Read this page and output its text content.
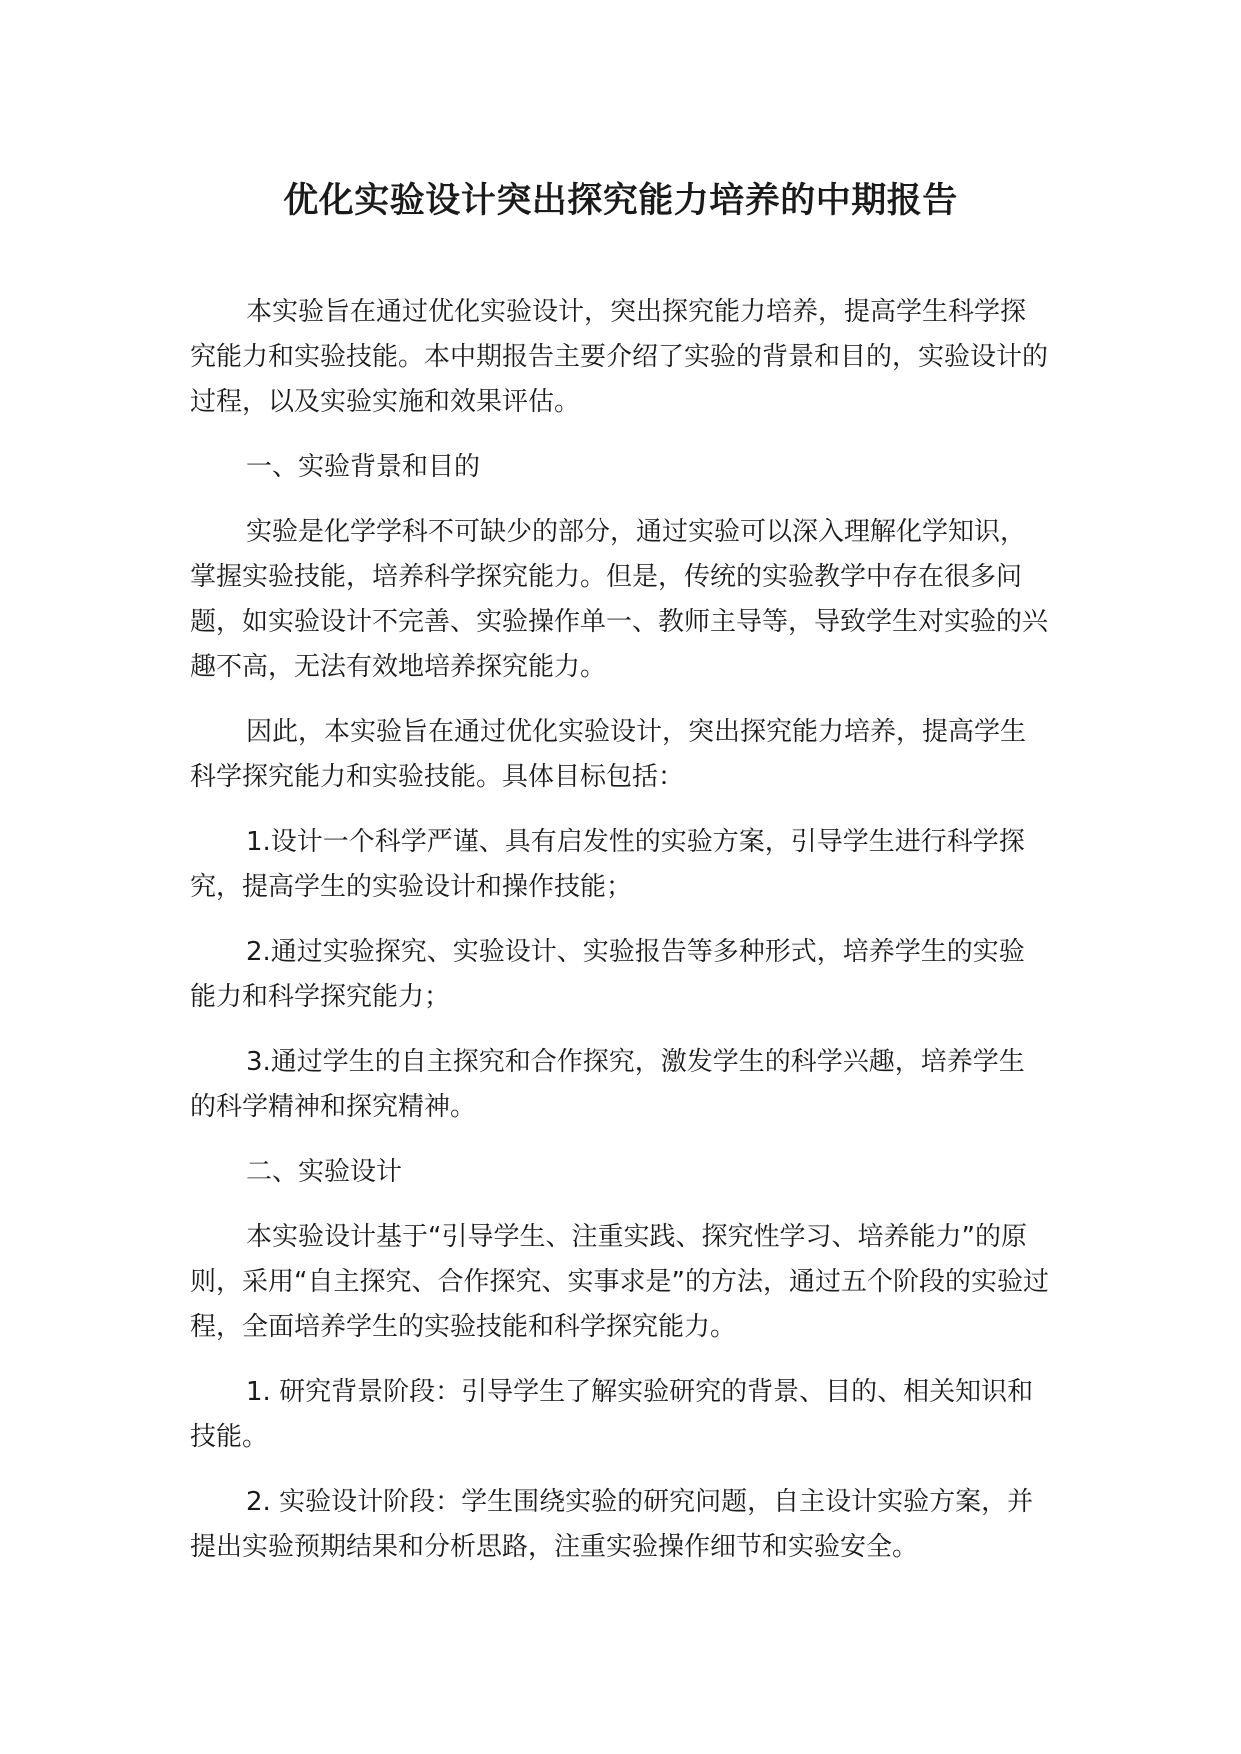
优化实验设计突出探究能力培养的中期报告

本实验旨在通过优化实验设计，突出探究能力培养，提高学生科学探究能力和实验技能。本中期报告主要介绍了实验的背景和目的，实验设计的过程，以及实验实施和效果评估。

一、实验背景和目的

实验是化学学科不可缺少的部分，通过实验可以深入理解化学知识，掌握实验技能，培养科学探究能力。但是，传统的实验教学中存在很多问题，如实验设计不完善、实验操作单一、教师主导等，导致学生对实验的兴趣不高，无法有效地培养探究能力。

因此，本实验旨在通过优化实验设计，突出探究能力培养，提高学生科学探究能力和实验技能。具体目标包括：

1.设计一个科学严谨、具有启发性的实验方案，引导学生进行科学探究，提高学生的实验设计和操作技能；

2.通过实验探究、实验设计、实验报告等多种形式，培养学生的实验能力和科学探究能力；

3.通过学生的自主探究和合作探究，激发学生的科学兴趣，培养学生的科学精神和探究精神。

二、实验设计

本实验设计基于“引导学生、注重实践、探究性学习、培养能力”的原则，采用“自主探究、合作探究、实事求是”的方法，通过五个阶段的实验过程，全面培养学生的实验技能和科学探究能力。

1. 研究背景阶段：引导学生了解实验研究的背景、目的、相关知识和技能。

2. 实验设计阶段：学生围绕实验的研究问题，自主设计实验方案，并提出实验预期结果和分析思路，注重实验操作细节和实验安全。
